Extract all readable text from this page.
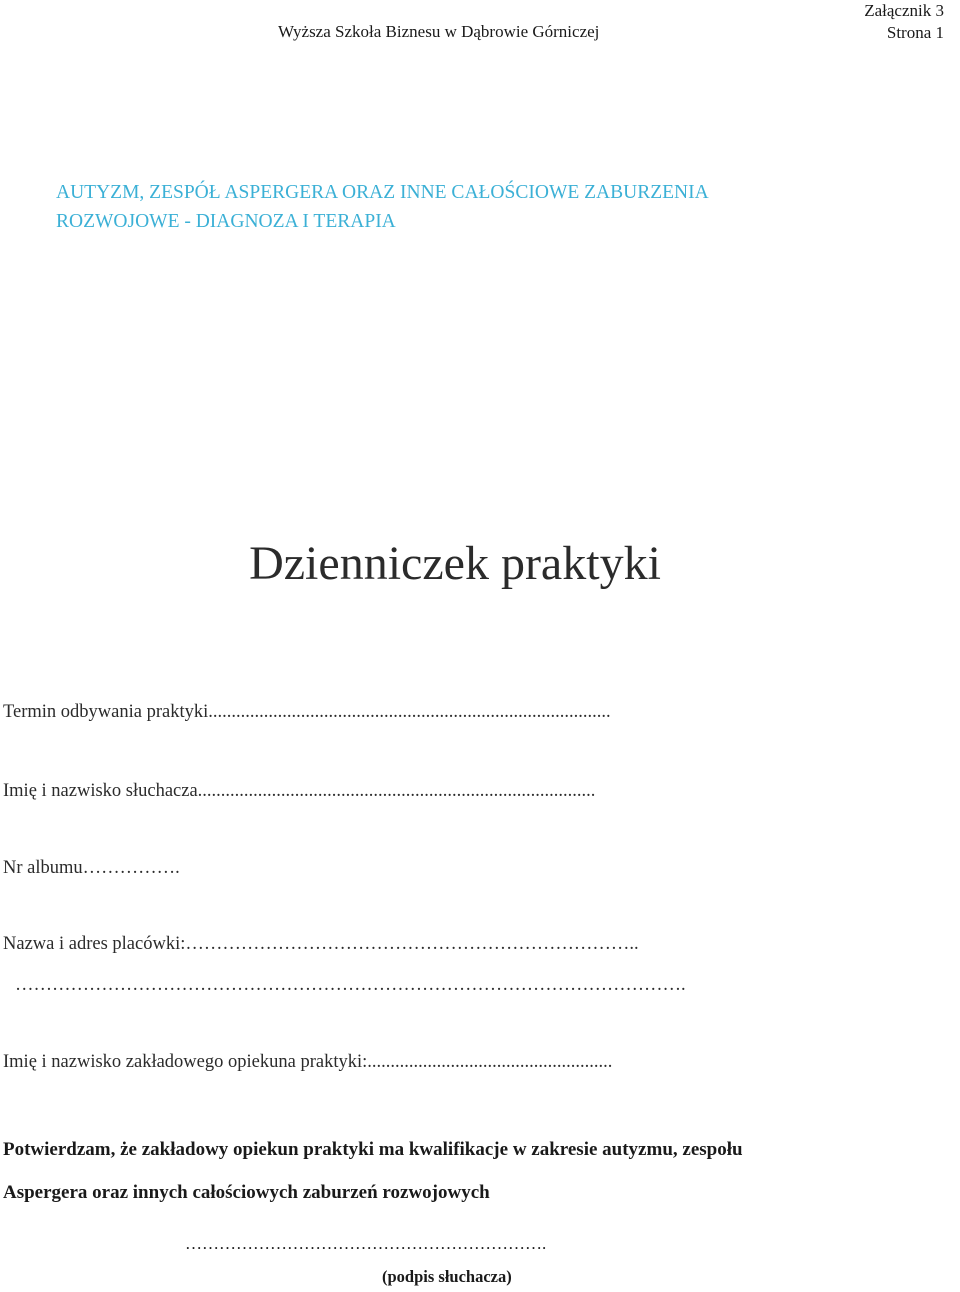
Wyższa Szkoła Biznesu w Dąbrowie Górniczej
Załącznik 3
Strona 1
AUTYZM, ZESPÓŁ ASPERGERA ORAZ INNE CAŁOŚCIOWE ZABURZENIA
ROZWOJOWE - DIAGNOZA I TERAPIA
Dzienniczek praktyki
Termin odbywania praktyki.......................................................................................
Imię i nazwisko słuchacza......................................................................................
Nr albumu…………….
Nazwa i adres placówki:………………………………………………………………..
……………………………………………………………………………………………….
Imię i nazwisko zakładowego opiekuna praktyki:.....................................................
Potwierdzam, że zakładowy opiekun praktyki ma kwalifikacje w zakresie autyzmu, zespołu
Aspergera oraz innych całościowych zaburzeń rozwojowych
……………………………………………………….
(podpis słuchacza)
